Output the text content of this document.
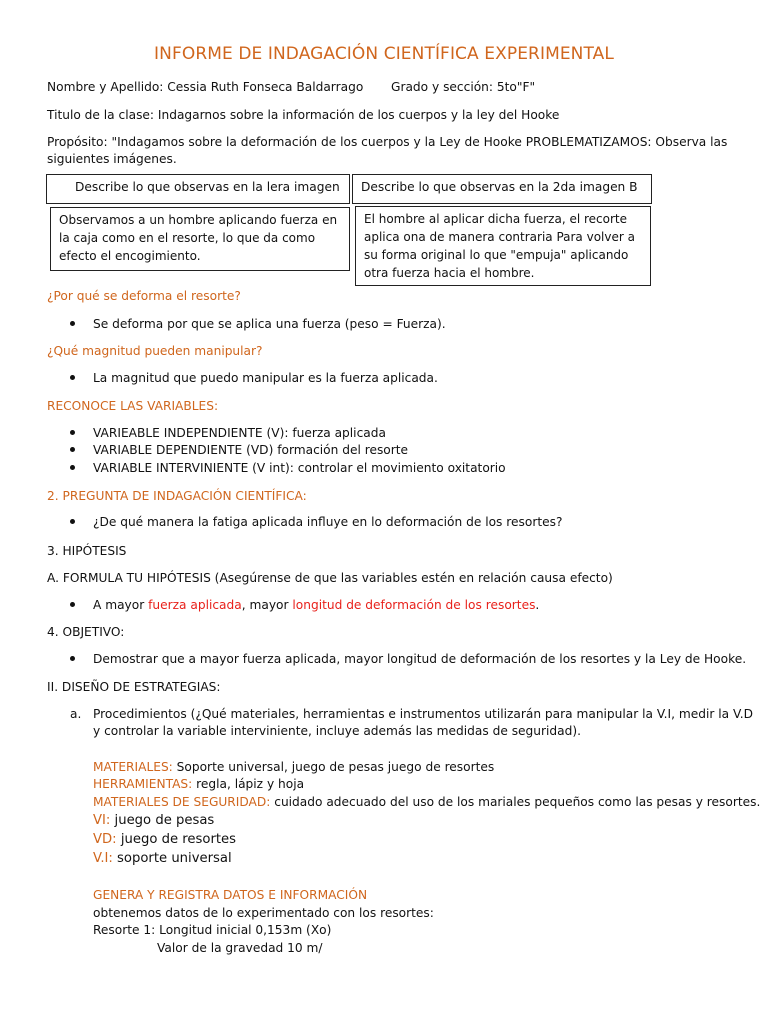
INFORME DE INDAGACIÓN CIENTÍFICA EXPERIMENTAL
Nombre y Apellido: Cessia Ruth Fonseca Baldarrago Grado y sección: 5to"F"
Titulo de la clase: Indagarnos sobre la información de los cuerpos y la ley del Hooke
Propósito: "Indagamos sobre la deformación de los cuerpos y la Ley de Hooke PROBLEMATIZAMOS: Observa las
siguientes imágenes.
Describe lo que observas en la lera imagen Describe lo que observas en la 2da imagen B
Observamos a un hombre aplicando fuerza en la caja como en el resorte, lo que da como efecto el encogimiento.
El hombre al aplicar dicha fuerza, el recorte aplica ona de manera contraria Para volver a su forma original lo que "empuja" aplicando otra fuerza hacia el hombre.
¿Por qué se deforma el resorte?
Se deforma por que se aplica una fuerza (peso = Fuerza).
¿Qué magnitud pueden manipular?
La magnitud que puedo manipular es la fuerza aplicada.
RECONOCE LAS VARIABLES:
VARIEABLE INDEPENDIENTE (V): fuerza aplicada
VARIABLE DEPENDIENTE (VD) formación del resorte
VARIABLE INTERVINIENTE (V int): controlar el movimiento oxitatorio
2. PREGUNTA DE INDAGACIÓN CIENTÍFICA:
¿De qué manera la fatiga aplicada influye en lo deformación de los resortes?
3. HIPÓTESIS
A. FORMULA TU HIPÓTESIS (Asegúrense de que las variables estén en relación causa efecto)
A mayor fuerza aplicada, mayor longitud de deformación de los resortes.
4. OBJETIVO:
Demostrar que a mayor fuerza aplicada, mayor longitud de deformación de los resortes y la Ley de Hooke.
II. DISEÑO DE ESTRATEGIAS:
a. Procedimientos (¿Qué materiales, herramientas e instrumentos utilizarán para manipular la V.I, medir la V.D
y controlar la variable interviniente, incluye además las medidas de seguridad).
MATERIALES: Soporte universal, juego de pesas juego de resortes
HERRAMIENTAS: regla, lápiz y hoja
MATERIALES DE SEGURIDAD: cuidado adecuado del uso de los mariales pequeños como las pesas y resortes.
VI: juego de pesas
VD: juego de resortes
V.I: soporte universal
GENERA Y REGISTRA DATOS E INFORMACIÓN
obtenemos datos de lo experimentado con los resortes:
Resorte 1: Longitud inicial 0,153m (Xo)
Valor de la gravedad 10 m/
